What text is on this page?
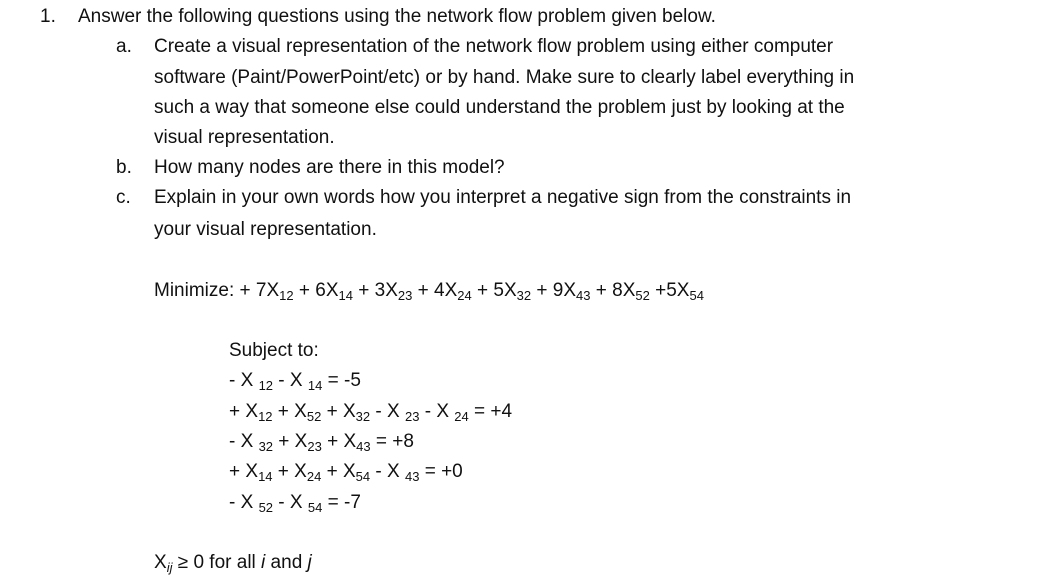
1. Answer the following questions using the network flow problem given below.
a. Create a visual representation of the network flow problem using either computer
software (Paint/PowerPoint/etc) or by hand. Make sure to clearly label everything in
such a way that someone else could understand the problem just by looking at the
visual representation.
b. How many nodes are there in this model?
c. Explain in your own words how you interpret a negative sign from the constraints in
your visual representation.
Minimize: + $7X_{12} + 6X_{14} + 3X_{23} + 4X_{24} + 5X_{32} + 9X_{43} + 8X_{52} +5X_{54}$
Subject to:
- X $_{12}$ - X $_{14}$ = -5
+ $X_{12} + X_{52} + X_{32} - X$ $_{23}$ - X $_{24}$ = +4
- X $_{32} + X_{23} + X_{43} = +8$
+ $X_{14} + X_{24} + X_{54} - X$ $_{43}$ = +0
- X $_{52}$ - X $_{54}$ = -7
$X_{ij} \ge 0$ for all i and j
